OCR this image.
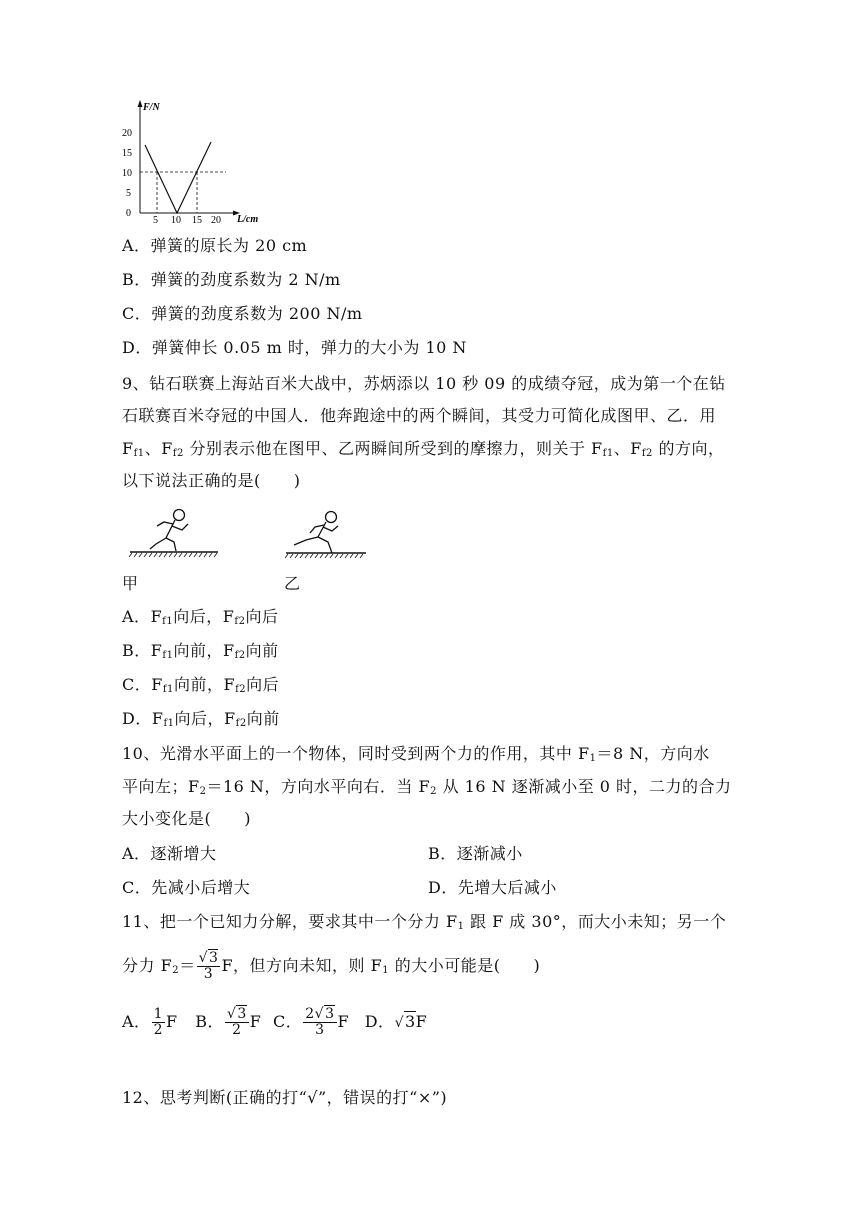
F/N
L/cm
20
15
10
5
0
5 10 15 20
A．弹簧的原长为 20 cm
B．弹簧的劲度系数为 2 N/m
C．弹簧的劲度系数为 200 N/m
D．弹簧伸长 0.05 m 时，弹力的大小为 10 N
9、钻石联赛上海站百米大战中，苏炳添以 10 秒 09 的成绩夺冠，成为第一个在钻
石联赛百米夺冠的中国人．他奔跑途中的两个瞬间，其受力可简化成图甲、乙．用
$F_{f1}$、$F_{f2}$ 分别表示他在图甲、乙两瞬间所受到的摩擦力，则关于 $F_{f1}$、$F_{f2}$ 的方向，
以下说法正确的是(　　)
甲	乙
A．$F_{f1}$向后，$F_{f2}$向后
B．$F_{f1}$向前，$F_{f2}$向前
C．$F_{f1}$向前，$F_{f2}$向后
D．$F_{f1}$向后，$F_{f2}$向前
10、光滑水平面上的一个物体，同时受到两个力的作用，其中 $F_1=8$ N，方向水
平向左；$F_2=16$ N，方向水平向右．当 $F_2$ 从 16 N 逐渐减小至 0 时，二力的合力
大小变化是(　　)
A．逐渐增大	B．逐渐减小
C．先减小后增大	D．先增大后减小
11、把一个已知力分解，要求其中一个分力 $F_1$ 跟 F 成 30°，而大小未知；另一个
分力 $F_2= \frac{√3}{3}$ F，但方向未知，则 $F_1$ 的大小可能是(　　)
A． $\frac{1}{2}$ F B． $\frac{√3}{2}$ F C． $\frac{2√3}{3}$ F D．√3F
12、思考判断(正确的打“√”，错误的打“×”)
